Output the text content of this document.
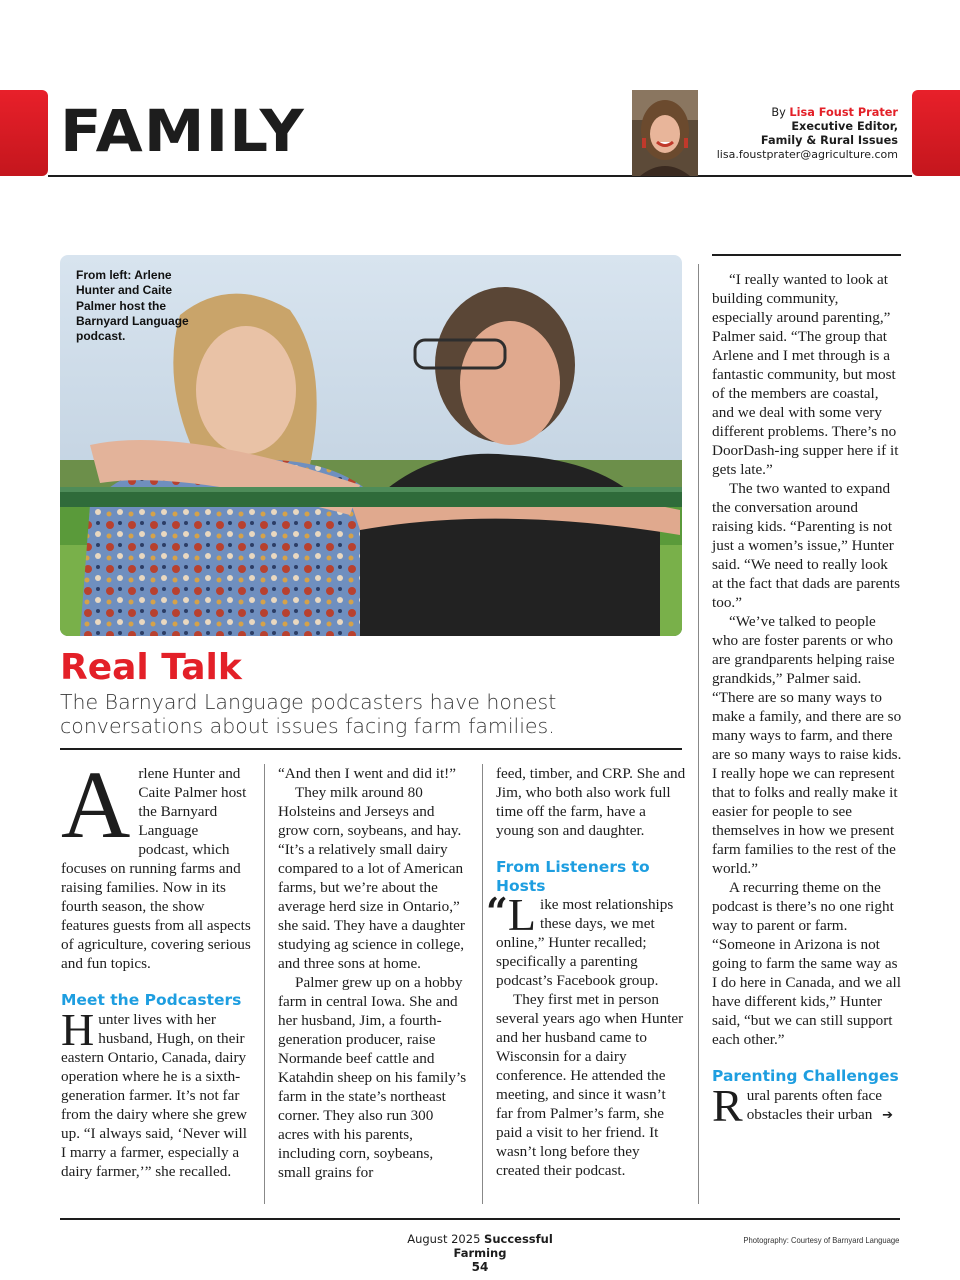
FAMILY	By Lisa Foust Prater
Executive Editor,
Family & Rural Issues
lisa.foustprater@agriculture.com
From left: Arlene Hunter and Caite Palmer host the Barnyard Language podcast.
Real Talk

The Barnyard Language podcasters have honest conversations about issues facing farm families.

A rlene Hunter and Caite Palmer host the Barnyard Language podcast, which focuses on running farms and raising families. Now in its fourth season, the show features guests from all aspects of agriculture, covering serious and fun topics.

Meet the Podcasters

H unter lives with her husband, Hugh, on their eastern Ontario, Canada, dairy operation where he is a sixth-generation farmer. It’s not far from the dairy where she grew up. “I always said, ‘Never will I marry a farmer, especially a dairy farmer,’” she recalled.

“And then I went and did it!”

They milk around 80 Holsteins and Jerseys and grow corn, soybeans, and hay. “It’s a relatively small dairy compared to a lot of American farms, but we’re about the average herd size in Ontario,” she said. They have a daughter studying ag science in college, and three sons at home.

Palmer grew up on a hobby farm in central Iowa. She and her husband, Jim, a fourth-generation producer, raise Normande beef cattle and Katahdin sheep on his family’s farm in the state’s northeast corner. They also run 300 acres with his parents, including corn, soybeans, small grains for

feed, timber, and CRP. She and Jim, who both also work full time off the farm, have a young son and daughter.

From Listeners to Hosts

“ L ike most relationships these days, we met online,” Hunter recalled; specifically a parenting podcast’s Facebook group.

They first met in person several years ago when Hunter and her husband came to Wisconsin for a dairy conference. He attended the meeting, and since it wasn’t far from Palmer’s farm, she paid a visit to her friend. It wasn’t long before they created their podcast.

“I really wanted to look at building community, especially around parenting,” Palmer said. “The group that Arlene and I met through is a fantastic community, but most of the members are coastal, and we deal with some very different problems. There’s no DoorDash-ing supper here if it gets late.”

The two wanted to expand the conversation around raising kids. “Parenting is not just a women’s issue,” Hunter said. “We need to really look at the fact that dads are parents too.”

“We’ve talked to people who are foster parents or who are grandparents helping raise grandkids,” Palmer said. “There are so many ways to make a family, and there are so many ways to farm, and there are so many ways to raise kids. I really hope we can represent that to folks and really make it easier for people to see themselves in how we present farm families to the rest of the world.”

A recurring theme on the podcast is there’s no one right way to parent or farm. “Someone in Arizona is not going to farm the same way as I do here in Canada, and we all have different kids,” Hunter said, “but we can still support each other.”

Parenting Challenges

R ural parents often face obstacles their urban ➔

August 2025 Successful Farming
54
Photography: Courtesy of Barnyard Language
